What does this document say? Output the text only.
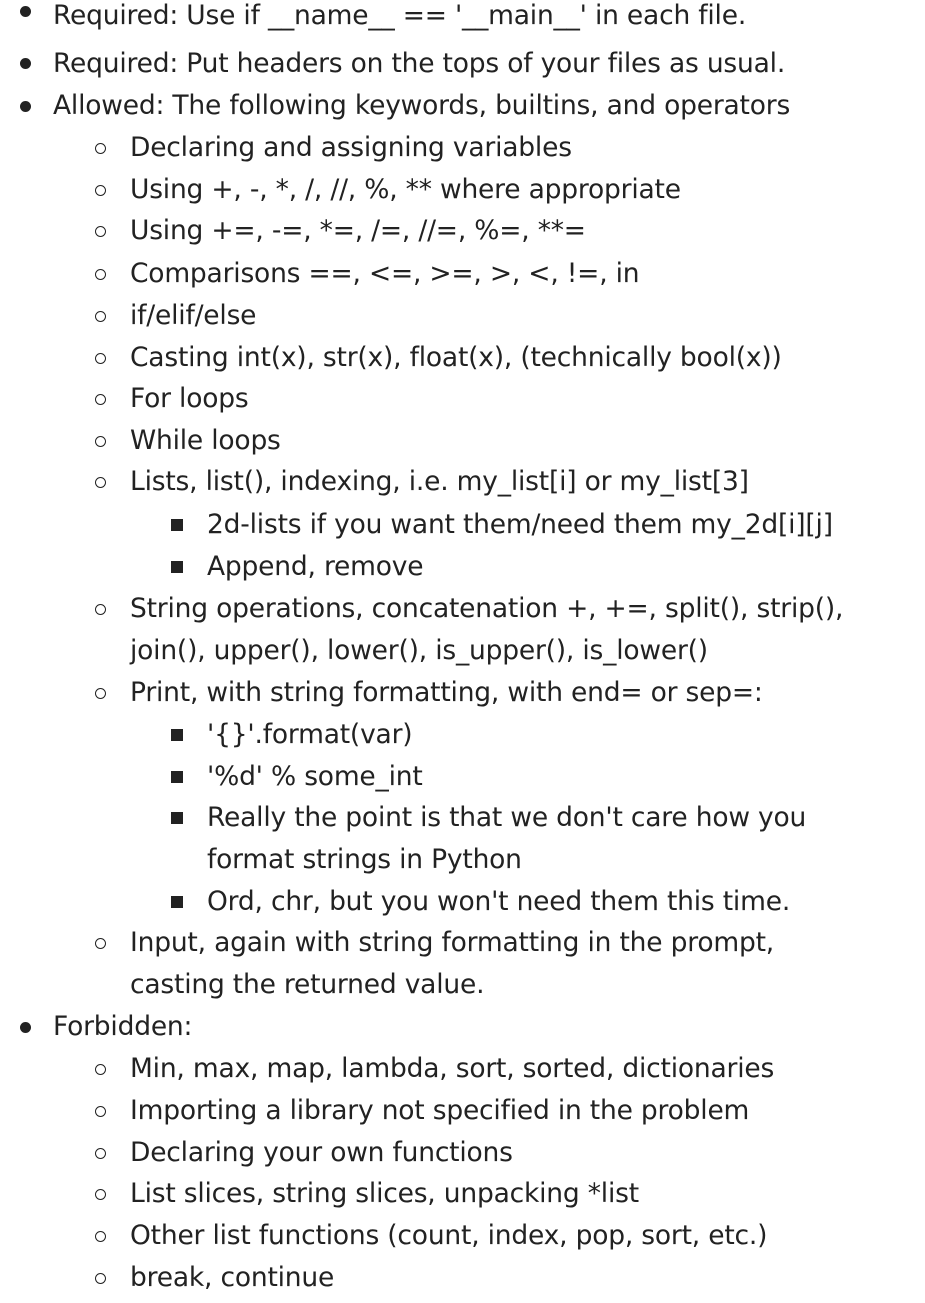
Required: Use if __name__ == '__main__' in each file.
Required: Put headers on the tops of your files as usual.
Allowed: The following keywords, builtins, and operators
Declaring and assigning variables
Using +, -, *, /, //, %, ** where appropriate
Using +=, -=, *=, /=, //=, %=, **=
Comparisons ==, <=, >=, >, <, !=, in
if/elif/else
Casting int(x), str(x), float(x), (technically bool(x))
For loops
While loops
Lists, list(), indexing, i.e. my_list[i] or my_list[3]
2d-lists if you want them/need them my_2d[i][j]
Append, remove
String operations, concatenation +, +=, split(), strip(),
join(), upper(), lower(), is_upper(), is_lower()
Print, with string formatting, with end= or sep=:
'{}'.format(var)
'%d' % some_int
Really the point is that we don't care how you
format strings in Python
Ord, chr, but you won't need them this time.
Input, again with string formatting in the prompt,
casting the returned value.
Forbidden:
Min, max, map, lambda, sort, sorted, dictionaries
Importing a library not specified in the problem
Declaring your own functions
List slices, string slices, unpacking *list
Other list functions (count, index, pop, sort, etc.)
break, continue
